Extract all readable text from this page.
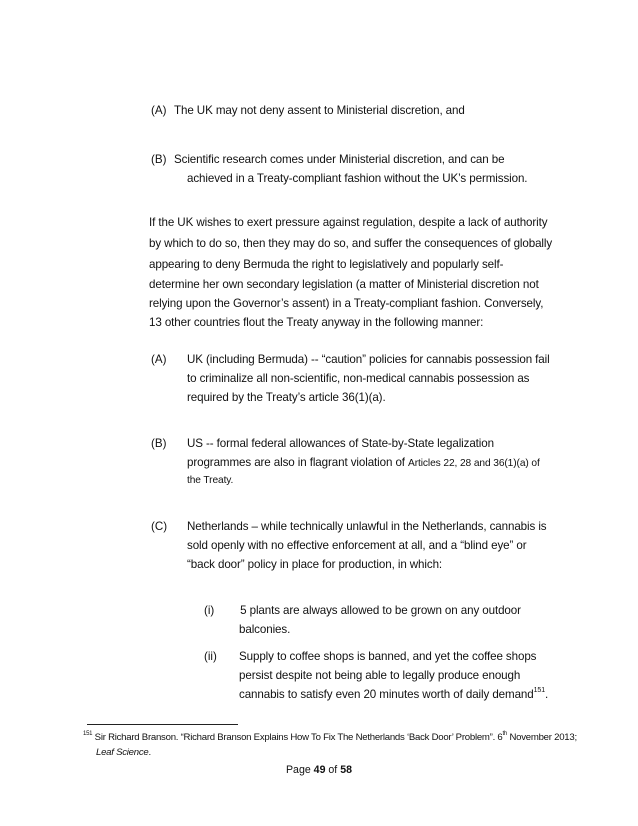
(A) The UK may not deny assent to Ministerial discretion, and
(B) Scientific research comes under Ministerial discretion, and can be
achieved in a Treaty-compliant fashion without the UK’s permission.
If the UK wishes to exert pressure against regulation, despite a lack of authority
by which to do so, then they may do so, and suffer the consequences of globally
appearing to deny Bermuda the right to legislatively and popularly self-
determine her own secondary legislation (a matter of Ministerial discretion not
relying upon the Governor’s assent) in a Treaty-compliant fashion. Conversely,
13 other countries flout the Treaty anyway in the following manner:
(A) UK (including Bermuda) -- “caution” policies for cannabis possession fail
to criminalize all non-scientific, non-medical cannabis possession as
required by the Treaty’s article 36(1)(a).
(B) US -- formal federal allowances of State-by-State legalization
programmes are also in flagrant violation of Articles 22, 28 and 36(1)(a) of
the Treaty.
(C) Netherlands – while technically unlawful in the Netherlands, cannabis is
sold openly with no effective enforcement at all, and a “blind eye” or
“back door” policy in place for production, in which:
(i) 5 plants are always allowed to be grown on any outdoor
balconies.
(ii) Supply to coffee shops is banned, and yet the coffee shops
persist despite not being able to legally produce enough
cannabis to satisfy even 20 minutes worth of daily demand$^{151}$.
$^{151}$ Sir Richard Branson. “Richard Branson Explains How To Fix The Netherlands ‘Back Door’ Problem”. 6th November 2013;
Leaf Science.
Page 49 of 58
